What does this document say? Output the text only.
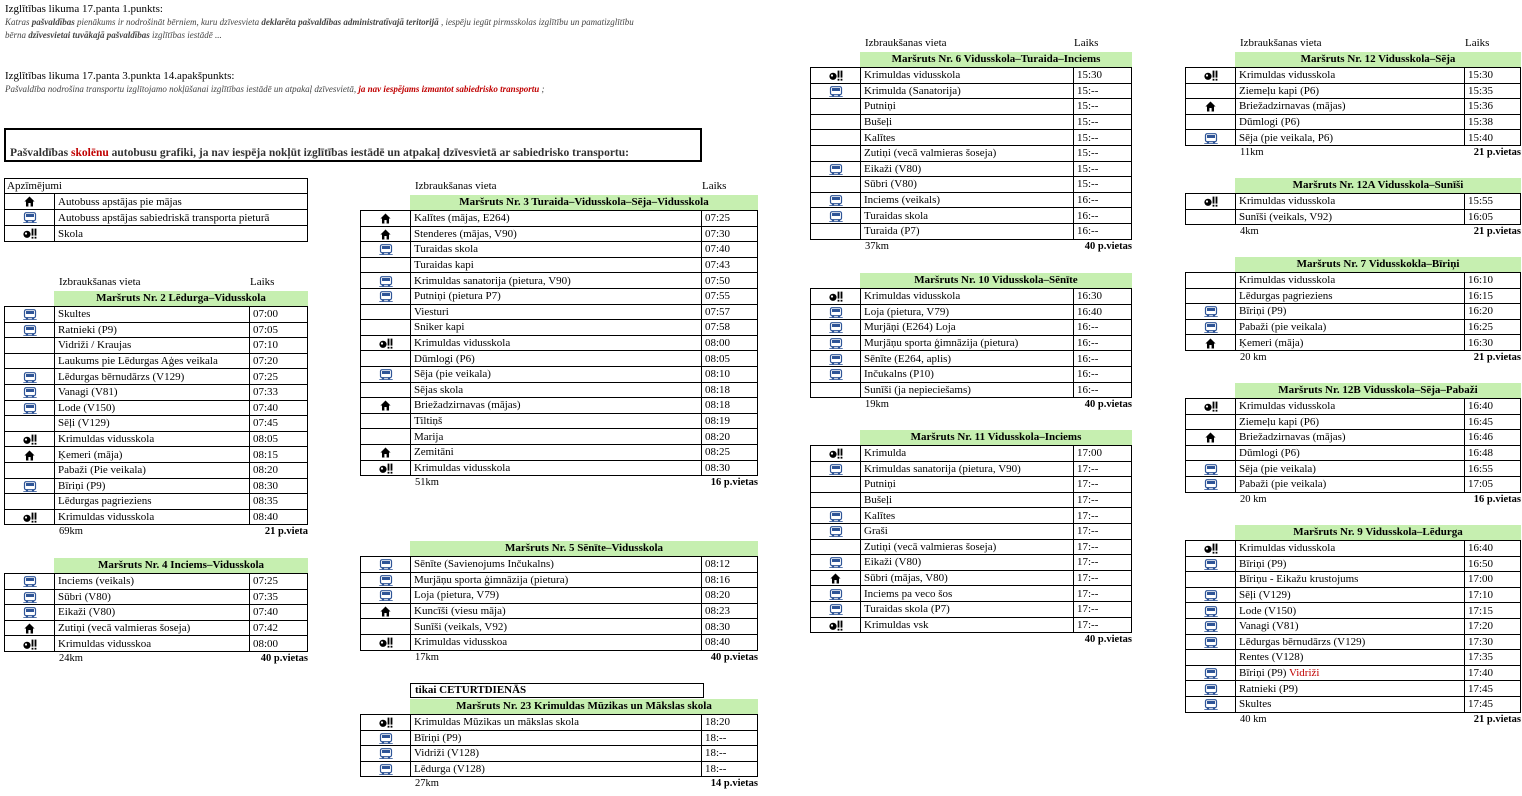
Izglītības likuma 17.panta 1.punkts:
Katras pašvaldības pienākums ir nodrošināt bērniem, kuru dzīvesvieta deklarēta pašvaldības administratīvajā teritorijā , iespēju iegūt pirmsskolas izglītību un pamatizglītību
bērna dzīvesvietai tuvākajā pašvaldības izglītības iestādē ...
Izglītības likuma 17.panta 3.punkta 14.apakšpunkts:
Pašvaldība nodrošina transportu izglītojamo nokļūšanai izglītības iestādē un atpakaļ dzīvesvietā, ja nav iespējams izmantot sabiedrisko transportu ;
Pašvaldības skolēnu autobusu grafiki, ja nav iespēja nokļūt izglītības iestādē un atpakaļ dzīvesvietā ar sabiedrisko transportu:
Apzīmējumi
	Autobuss apstājas pie mājas
	Autobuss apstājas sabiedriskā transporta pieturā
	Skola
tikai CETURTDIENĀS
Izbraukšanas vieta	Laiks
Maršruts Nr. 2 Lēdurga–Vidusskola
	Skultes	07:00
	Ratnieki (P9)	07:05
	Vidriži / Kraujas	07:10
	Laukums pie Lēdurgas Aģes veikala	07:20
	Lēdurgas bērnudārzs (V129)	07:25
	Vanagi (V81)	07:33
	Lode (V150)	07:40
	Sēļi (V129)	07:45
	Krimuldas vidusskola	08:05
	Ķemeri (māja)	08:15
	Pabaži (Pie veikala)	08:20
	Bīriņi (P9)	08:30
	Lēdurgas pagrieziens	08:35
	Krimuldas vidusskola	08:40
69km	21 p.vieta
Maršruts Nr. 4 Inciems–Vidusskola
	Inciems (veikals)	07:25
	Sūbri (V80)	07:35
	Eikaži (V80)	07:40
	Zutiņi (vecā valmieras šoseja)	07:42
	Krimuldas vidusskoa	08:00
24km	40 p.vietas
Izbraukšanas vieta	Laiks
Maršruts Nr. 3 Turaida–Vidusskola–Sēja–Vidusskola
	Kalītes (mājas, E264)	07:25
	Stenderes (mājas, V90)	07:30
	Turaidas skola	07:40
	Turaidas kapi	07:43
	Krimuldas sanatorija (pietura, V90)	07:50
	Putniņi (pietura P7)	07:55
	Viesturi	07:57
	Sniker kapi	07:58
	Krimuldas vidusskola	08:00
	Dūmlogi (P6)	08:05
	Sēja (pie veikala)	08:10
	Sējas skola	08:18
	Briežadzirnavas (mājas)	08:18
	Tiltiņš	08:19
	Marija	08:20
	Zemitāni	08:25
	Krimuldas vidusskola	08:30
51km	16 p.vietas
Maršruts Nr. 5 Sēnīte–Vidusskola
	Sēnīte (Savienojums Inčukalns)	08:12
	Murjāņu sporta ģimnāzija (pietura)	08:16
	Loja (pietura, V79)	08:20
	Kuncīši (viesu māja)	08:23
	Sunīši (veikals, V92)	08:30
	Krimuldas vidusskoa	08:40
17km	40 p.vietas
Maršruts Nr. 23 Krimuldas Mūzikas un Mākslas skola
	Krimuldas Mūzikas un mākslas skola	18:20
	Bīriņi (P9)	18:--
	Vidriži (V128)	18:--
	Lēdurga (V128)	18:--
27km	14 p.vietas
Izbraukšanas vieta	Laiks
Maršruts Nr. 6 Vidusskola–Turaida–Inciems
	Krimuldas vidusskola	15:30
	Krimulda (Sanatorija)	15:--
	Putniņi	15:--
	Bušeļi	15:--
	Kalītes	15:--
	Zutiņi (vecā valmieras šoseja)	15:--
	Eikaži (V80)	15:--
	Sūbri (V80)	15:--
	Inciems (veikals)	16:--
	Turaidas skola	16:--
	Turaida (P7)	16:--
37km	40 p.vietas
Maršruts Nr. 10 Vidusskola–Sēnīte
	Krimuldas vidusskola	16:30
	Loja (pietura, V79)	16:40
	Murjāņi (E264) Loja	16:--
	Murjāņu sporta ģimnāzija (pietura)	16:--
	Sēnīte (E264, aplis)	16:--
	Inčukalns (P10)	16:--
	Sunīši (ja nepieciešams)	16:--
19km	40 p.vietas
Maršruts Nr. 11 Vidusskola–Inciems
	Krimulda	17:00
	Krimuldas sanatorija (pietura, V90)	17:--
	Putniņi	17:--
	Bušeļi	17:--
	Kalītes	17:--
	Graši	17:--
	Zutiņi (vecā valmieras šoseja)	17:--
	Eikaži (V80)	17:--
	Sūbri (mājas, V80)	17:--
	Inciems pa veco šos	17:--
	Turaidas skola (P7)	17:--
	Krimuldas vsk	17:--
40 p.vietas
Izbraukšanas vieta	Laiks
Maršruts Nr. 12 Vidusskola–Sēja
	Krimuldas vidusskola	15:30
	Ziemeļu kapi (P6)	15:35
	Briežadzirnavas (mājas)	15:36
	Dūmlogi (P6)	15:38
	Sēja (pie veikala, P6)	15:40
11km	21 p.vietas
Maršruts Nr. 12A Vidusskola–Sunīši
	Krimuldas vidusskola	15:55
	Sunīši (veikals, V92)	16:05
4km	21 p.vietas
Maršruts Nr. 7 Vidusskokla–Bīriņi
	Krimuldas vidusskola	16:10
	Lēdurgas pagrieziens	16:15
	Bīriņi (P9)	16:20
	Pabaži (pie veikala)	16:25
	Ķemeri (māja)	16:30
20 km	21 p.vietas
Maršruts Nr. 12B Vidusskola–Sēja–Pabaži
	Krimuldas vidusskola	16:40
	Ziemeļu kapi (P6)	16:45
	Briežadzirnavas (mājas)	16:46
	Dūmlogi (P6)	16:48
	Sēja (pie veikala)	16:55
	Pabaži (pie veikala)	17:05
20 km	16 p.vietas
Maršruts Nr. 9 Vidusskola–Lēdurga
	Krimuldas vidusskola	16:40
	Bīriņi (P9)	16:50
	Bīriņu - Eikažu krustojums	17:00
	Sēļi (V129)	17:10
	Lode (V150)	17:15
	Vanagi (V81)	17:20
	Lēdurgas bērnudārzs (V129)	17:30
	Rentes (V128)	17:35
	Bīriņi (P9) Vidriži	17:40
	Ratnieki (P9)	17:45
	Skultes	17:45
40 km	21 p.vietas
